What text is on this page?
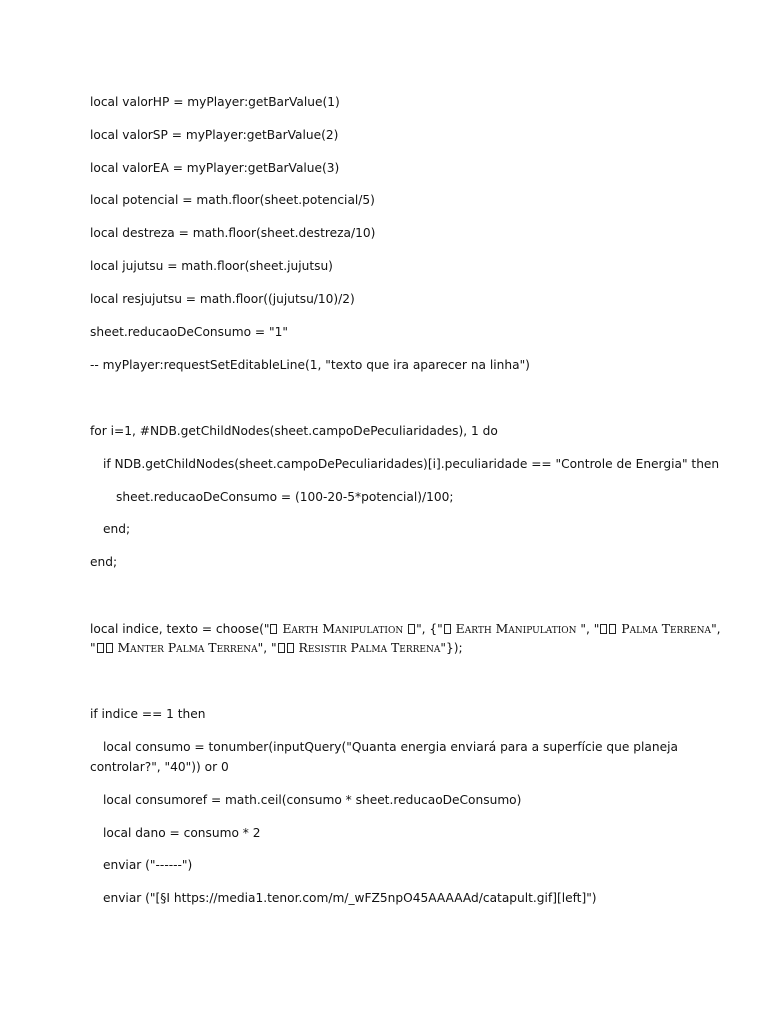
local valorHP = myPlayer:getBarValue(1)
local valorSP = myPlayer:getBarValue(2)
local valorEA = myPlayer:getBarValue(3)
local potencial = math.floor(sheet.potencial/5)
local destreza = math.floor(sheet.destreza/10)
local jujutsu = math.floor(sheet.jujutsu)
local resjujutsu = math.floor((jujutsu/10)/2)
sheet.reducaoDeConsumo = "1"
-- myPlayer:requestSetEditableLine(1, "texto que ira aparecer na linha")
for i=1, #NDB.getChildNodes(sheet.campoDePeculiaridades), 1 do
if NDB.getChildNodes(sheet.campoDePeculiaridades)[i].peculiaridade == "Controle de Energia" then
sheet.reducaoDeConsumo = (100-20-5*potencial)/100;
end;
end;
local indice, texto = choose(" Earth Manipulation ", {" Earth Manipulation ", " Palma Terrena",
" Manter Palma Terrena", " Resistir Palma Terrena"});
if indice == 1 then
local consumo = tonumber(inputQuery("Quanta energia enviará para a superfície que planeja
controlar?", "40")) or 0
local consumoref = math.ceil(consumo * sheet.reducaoDeConsumo)
local dano = consumo * 2
enviar ("------")
enviar ("[§I https://media1.tenor.com/m/_wFZ5npO45AAAAAd/catapult.gif][left]")
